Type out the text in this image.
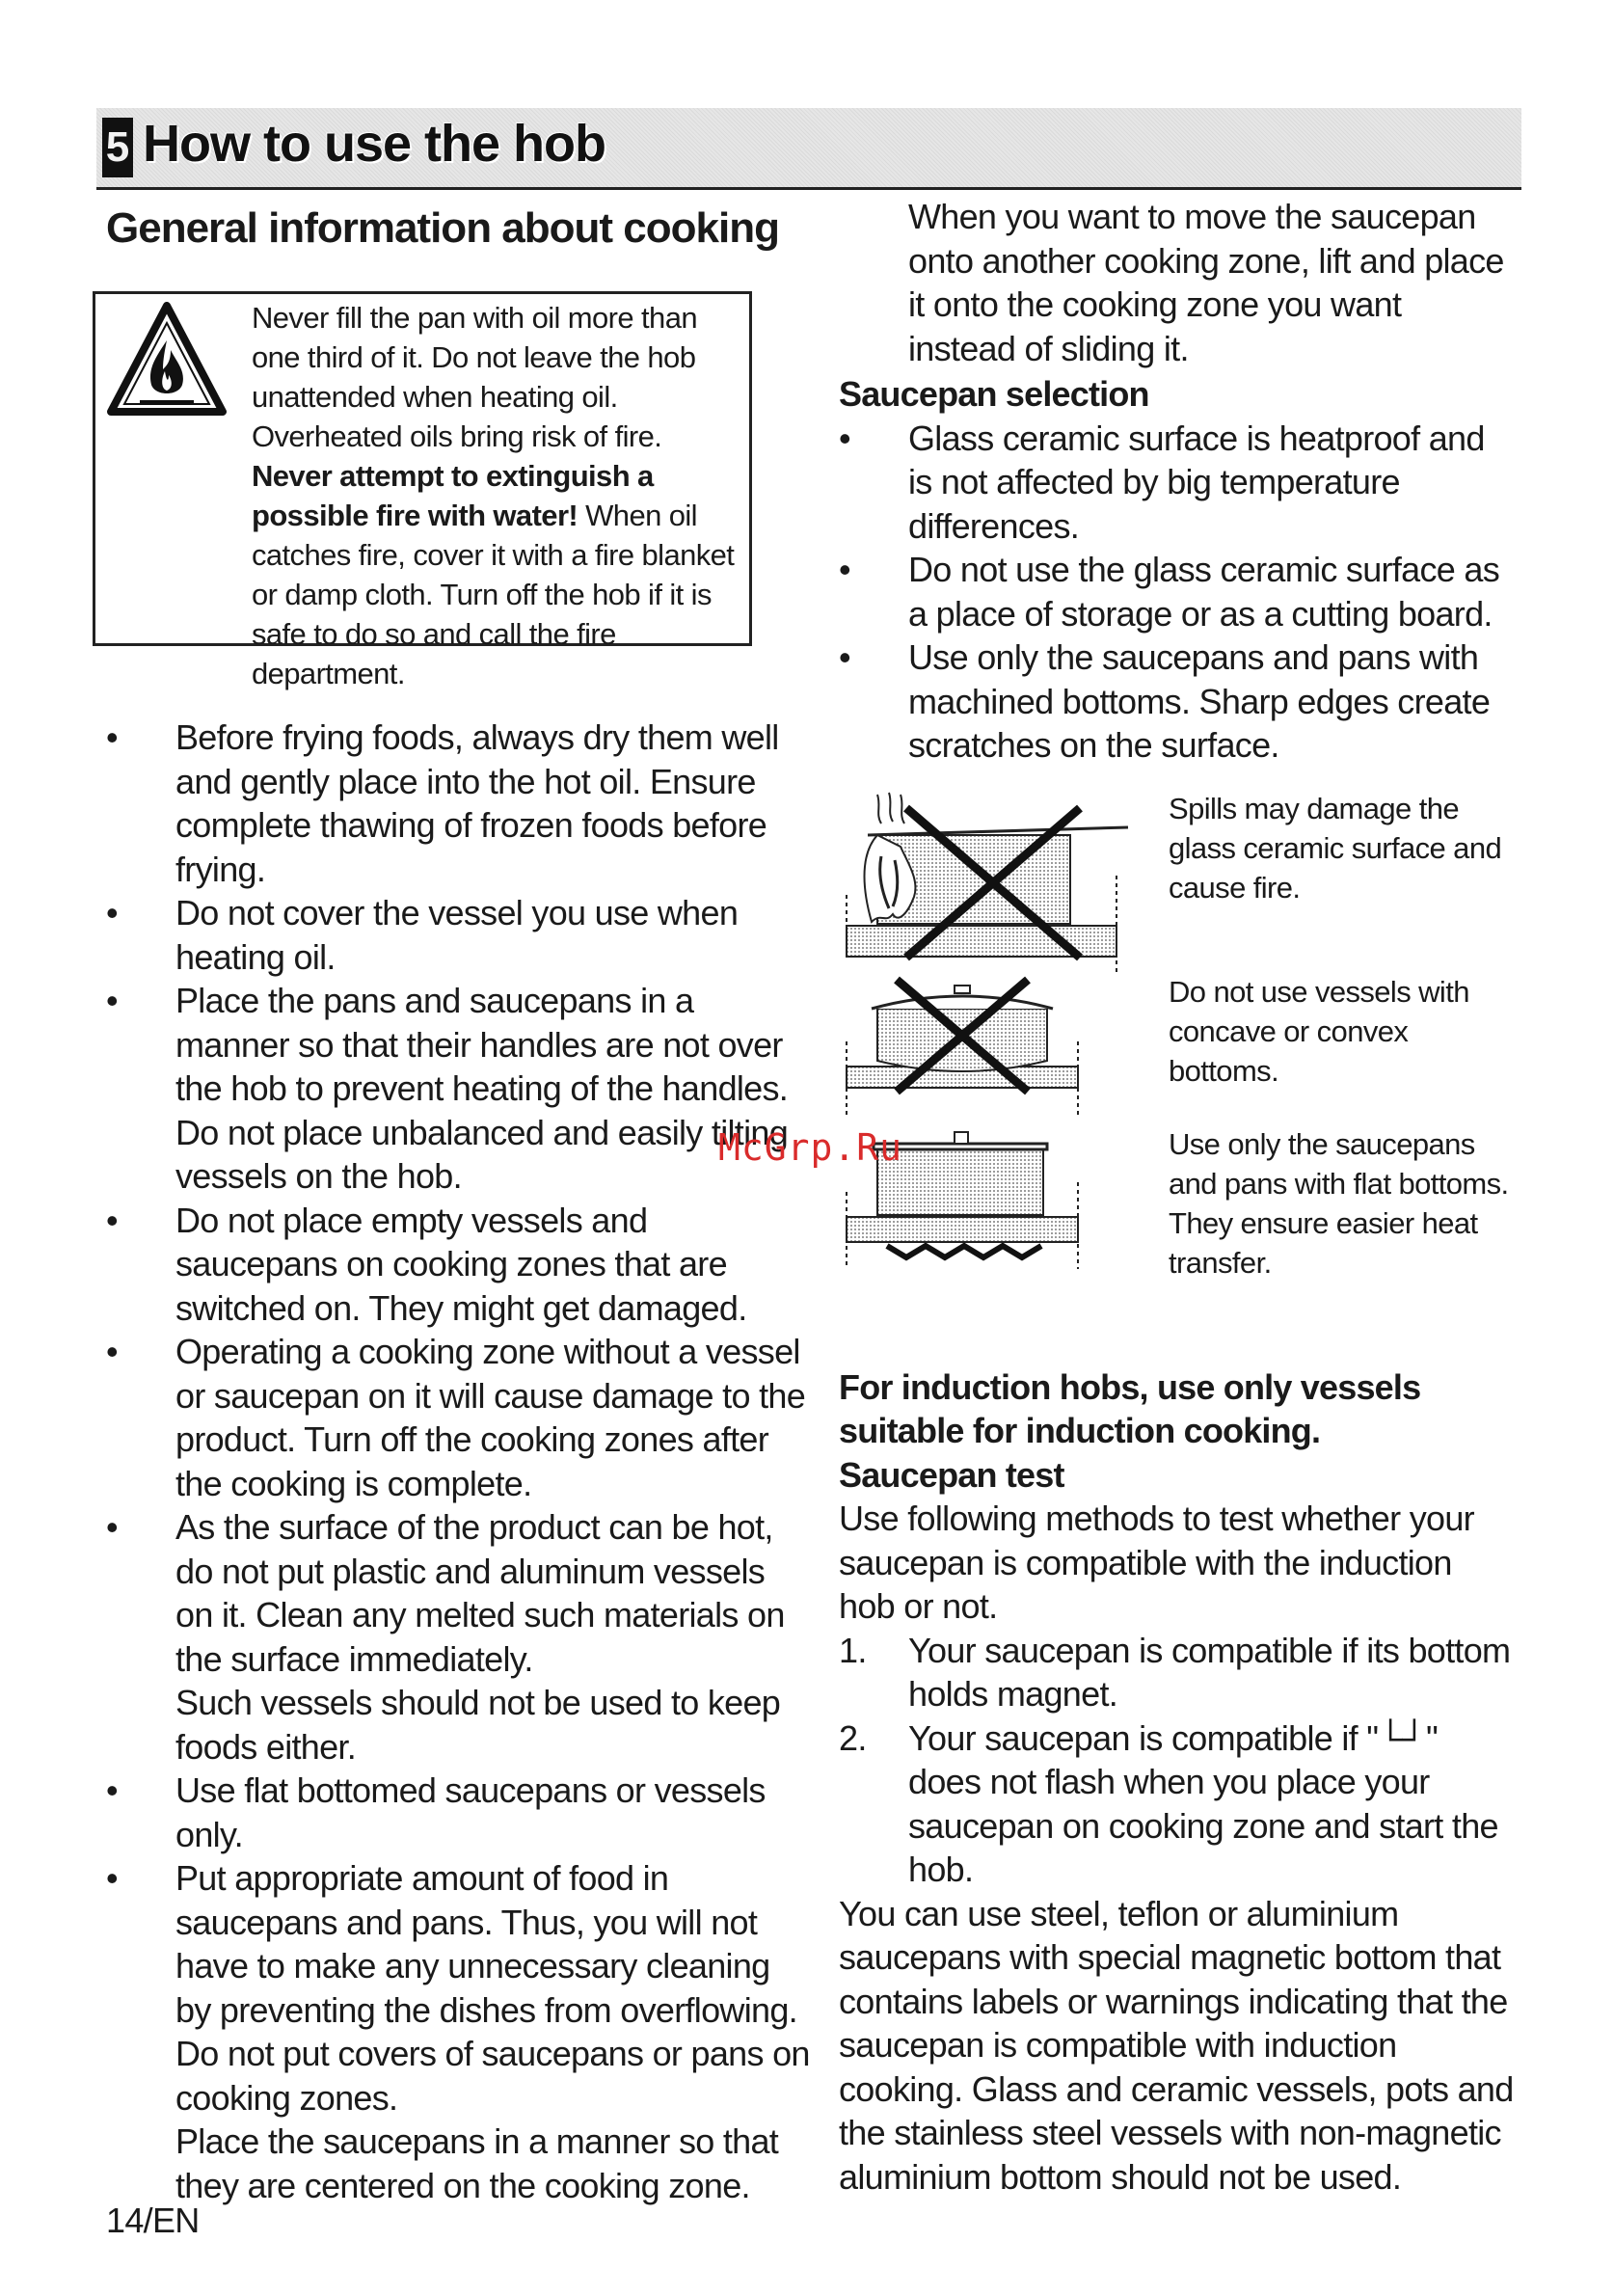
5 How to use the hob
General information about cooking
Never fill the pan with oil more than one third of it. Do not leave the hob unattended when heating oil. Overheated oils bring risk of fire. Never attempt to extinguish a possible fire with water! When oil catches fire, cover it with a fire blanket or damp cloth. Turn off the hob if it is safe to do so and call the fire department.
• Before frying foods, always dry them well and gently place into the hot oil. Ensure complete thawing of frozen foods before frying.
• Do not cover the vessel you use when heating oil.
• Place the pans and saucepans in a manner so that their handles are not over the hob to prevent heating of the handles. Do not place unbalanced and easily tilting vessels on the hob.
• Do not place empty vessels and saucepans on cooking zones that are switched on. They might get damaged.
• Operating a cooking zone without a vessel or saucepan on it will cause damage to the product. Turn off the cooking zones after the cooking is complete.
• As the surface of the product can be hot, do not put plastic and aluminum vessels on it. Clean any melted such materials on the surface immediately.
Such vessels should not be used to keep foods either.
• Use flat bottomed saucepans or vessels only.
• Put appropriate amount of food in saucepans and pans. Thus, you will not have to make any unnecessary cleaning by preventing the dishes from overflowing.
Do not put covers of saucepans or pans on cooking zones.
Place the saucepans in a manner so that they are centered on the cooking zone.

When you want to move the saucepan onto another cooking zone, lift and place it onto the cooking zone you want instead of sliding it.

Saucepan selection

• Glass ceramic surface is heatproof and is not affected by big temperature differences.
• Do not use the glass ceramic surface as a place of storage or as a cutting board.
• Use only the saucepans and pans with machined bottoms. Sharp edges create scratches on the surface.
Spills may damage the glass ceramic surface and cause fire.
Do not use vessels with concave or convex bottoms.
Use only the saucepans and pans with flat bottoms. They ensure easier heat transfer.

For induction hobs, use only vessels suitable for induction cooking.

Saucepan test

Use following methods to test whether your saucepan is compatible with the induction hob or not.

1. Your saucepan is compatible if its bottom holds magnet.
2. Your saucepan is compatible if "└┘" does not flash when you place your saucepan on cooking zone and start the hob.

You can use steel, teflon or aluminium saucepans with special magnetic bottom that contains labels or warnings indicating that the saucepan is compatible with induction cooking. Glass and ceramic vessels, pots and the stainless steel vessels with non-magnetic aluminium bottom should not be used.

14/EN
McGrp.Ru
